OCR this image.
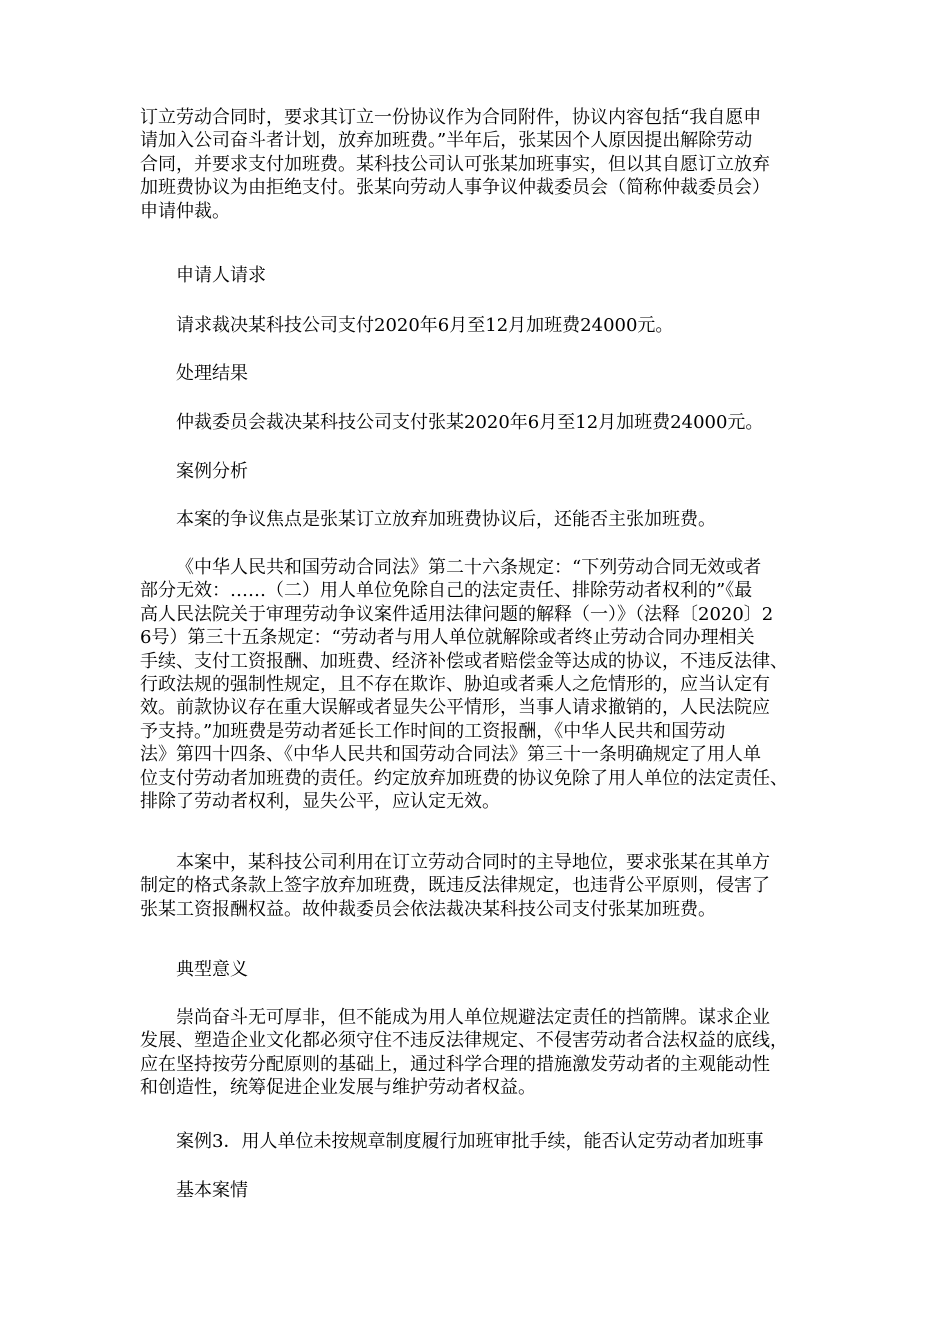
订立劳动合同时，要求其订立一份协议作为合同附件，协议内容包括“我自愿申
请加入公司奋斗者计划，放弃加班费。”半年后，张某因个人原因提出解除劳动
合同，并要求支付加班费。某科技公司认可张某加班事实，但以其自愿订立放弃
加班费协议为由拒绝支付。张某向劳动人事争议仲裁委员会（简称仲裁委员会）
申请仲裁。
申请人请求
请求裁决某科技公司支付2020年6月至12月加班费24000元。
处理结果
仲裁委员会裁决某科技公司支付张某2020年6月至12月加班费24000元。
案例分析
本案的争议焦点是张某订立放弃加班费协议后，还能否主张加班费。
《中华人民共和国劳动合同法》第二十六条规定：“下列劳动合同无效或者
部分无效：……（二）用人单位免除自己的法定责任、排除劳动者权利的”《最
高人民法院关于审理劳动争议案件适用法律问题的解释（一）》（法释〔2020〕2
6号）第三十五条规定：“劳动者与用人单位就解除或者终止劳动合同办理相关
手续、支付工资报酬、加班费、经济补偿或者赔偿金等达成的协议，不违反法律、
行政法规的强制性规定，且不存在欺诈、胁迫或者乘人之危情形的，应当认定有
效。前款协议存在重大误解或者显失公平情形，当事人请求撤销的，人民法院应
予支持。”加班费是劳动者延长工作时间的工资报酬，《中华人民共和国劳动
法》第四十四条、《中华人民共和国劳动合同法》第三十一条明确规定了用人单
位支付劳动者加班费的责任。约定放弃加班费的协议免除了用人单位的法定责任、
排除了劳动者权利，显失公平，应认定无效。
本案中，某科技公司利用在订立劳动合同时的主导地位，要求张某在其单方
制定的格式条款上签字放弃加班费，既违反法律规定，也违背公平原则，侵害了
张某工资报酬权益。故仲裁委员会依法裁决某科技公司支付张某加班费。
典型意义
崇尚奋斗无可厚非，但不能成为用人单位规避法定责任的挡箭牌。谋求企业
发展、塑造企业文化都必须守住不违反法律规定、不侵害劳动者合法权益的底线，
应在坚持按劳分配原则的基础上，通过科学合理的措施激发劳动者的主观能动性
和创造性，统筹促进企业发展与维护劳动者权益。
案例3．用人单位未按规章制度履行加班审批手续，能否认定劳动者加班事
基本案情
